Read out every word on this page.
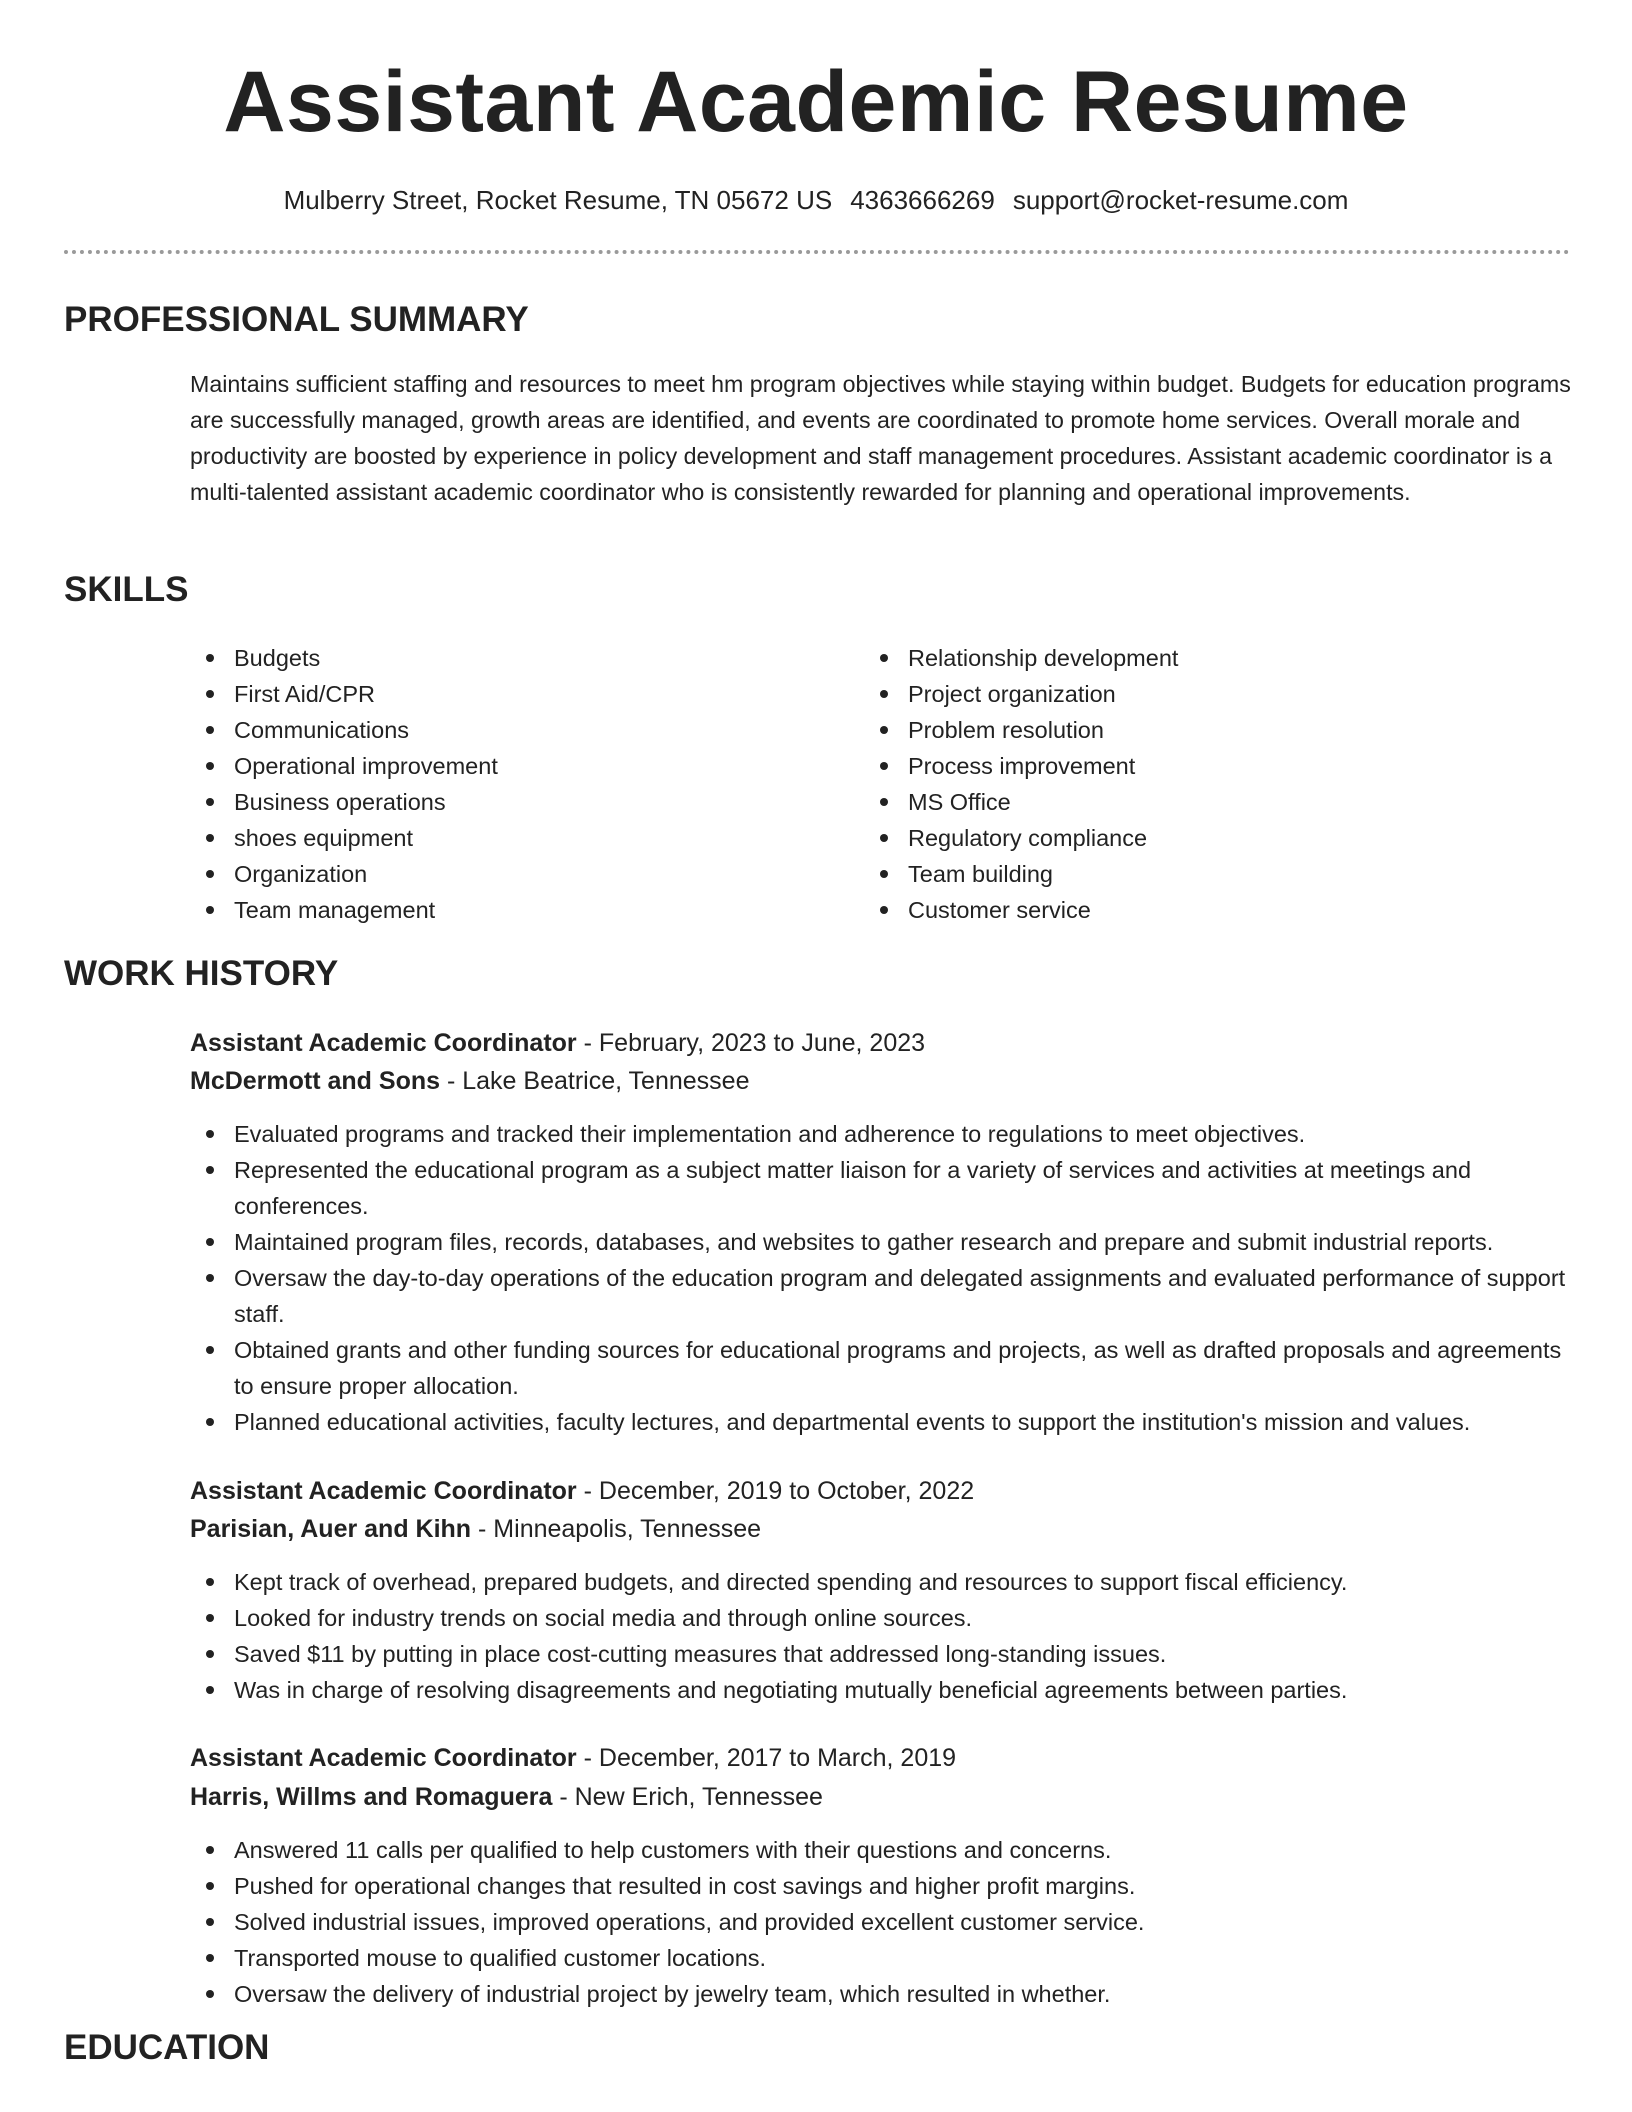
Assistant Academic Resume
Mulberry Street, Rocket Resume, TN 05672 US 4363666269 support@rocket-resume.com
PROFESSIONAL SUMMARY

Maintains sufficient staffing and resources to meet hm program objectives while staying within budget. Budgets for education programs are successfully managed, growth areas are identified, and events are coordinated to promote home services. Overall morale and productivity are boosted by experience in policy development and staff management procedures. Assistant academic coordinator is a multi-talented assistant academic coordinator who is consistently rewarded for planning and operational improvements.

SKILLS
Budgets
First Aid/CPR
Communications
Operational improvement
Business operations
shoes equipment
Organization
Team management
Relationship development
Project organization
Problem resolution
Process improvement
MS Office
Regulatory compliance
Team building
Customer service
WORK HISTORY
Assistant Academic Coordinator - February, 2023 to June, 2023
McDermott and Sons - Lake Beatrice, Tennessee
Evaluated programs and tracked their implementation and adherence to regulations to meet objectives.
Represented the educational program as a subject matter liaison for a variety of services and activities at meetings and conferences.
Maintained program files, records, databases, and websites to gather research and prepare and submit industrial reports.
Oversaw the day-to-day operations of the education program and delegated assignments and evaluated performance of support staff.
Obtained grants and other funding sources for educational programs and projects, as well as drafted proposals and agreements to ensure proper allocation.
Planned educational activities, faculty lectures, and departmental events to support the institution's mission and values.
Assistant Academic Coordinator - December, 2019 to October, 2022
Parisian, Auer and Kihn - Minneapolis, Tennessee
Kept track of overhead, prepared budgets, and directed spending and resources to support fiscal efficiency.
Looked for industry trends on social media and through online sources.
Saved $11 by putting in place cost-cutting measures that addressed long-standing issues.
Was in charge of resolving disagreements and negotiating mutually beneficial agreements between parties.
Assistant Academic Coordinator - December, 2017 to March, 2019
Harris, Willms and Romaguera - New Erich, Tennessee
Answered 11 calls per qualified to help customers with their questions and concerns.
Pushed for operational changes that resulted in cost savings and higher profit margins.
Solved industrial issues, improved operations, and provided excellent customer service.
Transported mouse to qualified customer locations.
Oversaw the delivery of industrial project by jewelry team, which resulted in whether.
EDUCATION
